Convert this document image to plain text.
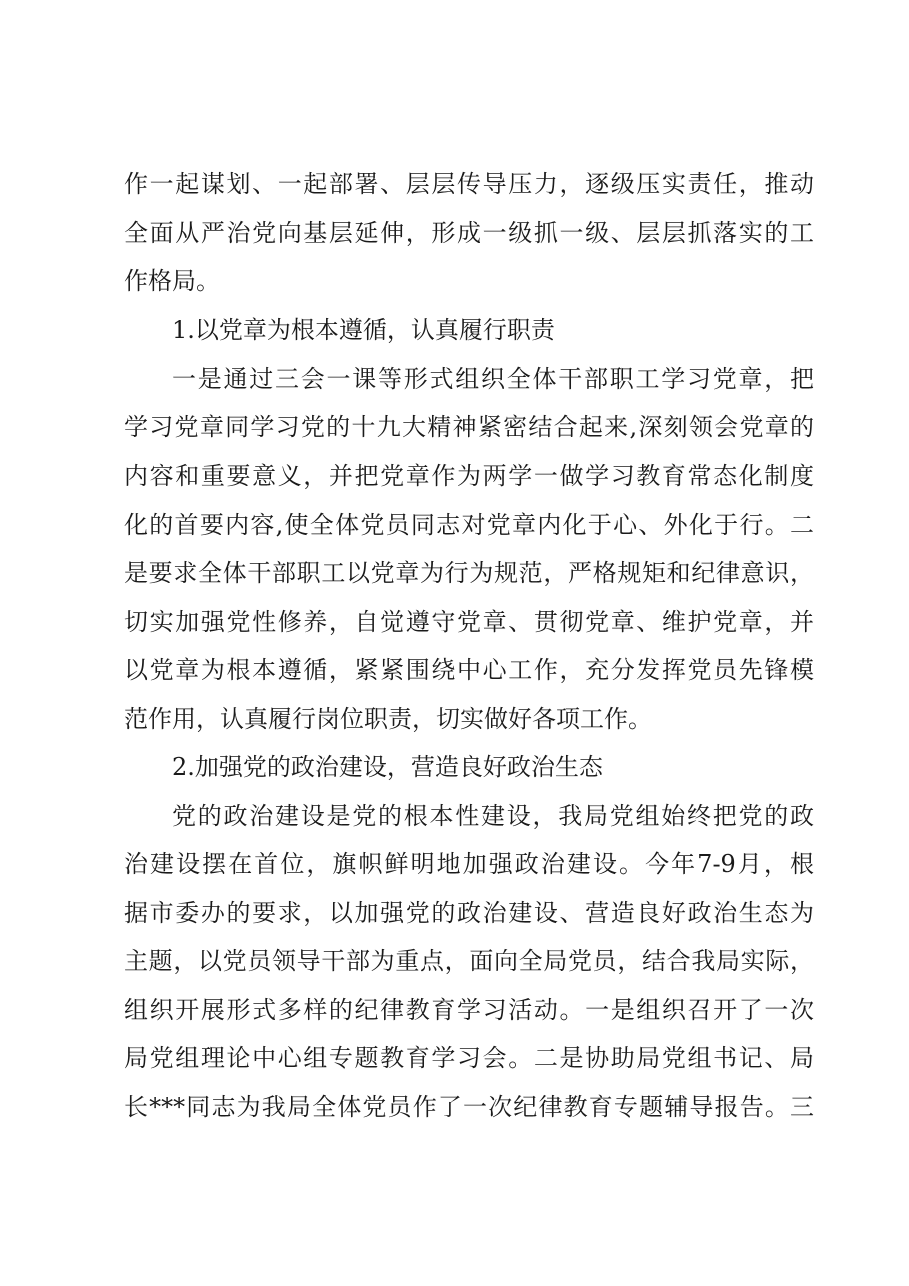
作一起谋划、一起部署、层层传导压力，逐级压实责任，推动
全面从严治党向基层延伸，形成一级抓一级、层层抓落实的工
作格局。
1.以党章为根本遵循，认真履行职责
一是通过三会一课等形式组织全体干部职工学习党章，把
学习党章同学习党的十九大精神紧密结合起来,深刻领会党章的
内容和重要意义，并把党章作为两学一做学习教育常态化制度
化的首要内容,使全体党员同志对党章内化于心、外化于行。二
是要求全体干部职工以党章为行为规范，严格规矩和纪律意识，
切实加强党性修养，自觉遵守党章、贯彻党章、维护党章，并
以党章为根本遵循，紧紧围绕中心工作，充分发挥党员先锋模
范作用，认真履行岗位职责，切实做好各项工作。
2.加强党的政治建设，营造良好政治生态
党的政治建设是党的根本性建设，我局党组始终把党的政
治建设摆在首位，旗帜鲜明地加强政治建设。今年7-9月，根
据市委办的要求，以加强党的政治建设、营造良好政治生态为
主题，以党员领导干部为重点，面向全局党员，结合我局实际，
组织开展形式多样的纪律教育学习活动。一是组织召开了一次
局党组理论中心组专题教育学习会。二是协助局党组书记、局
长***同志为我局全体党员作了一次纪律教育专题辅导报告。三
